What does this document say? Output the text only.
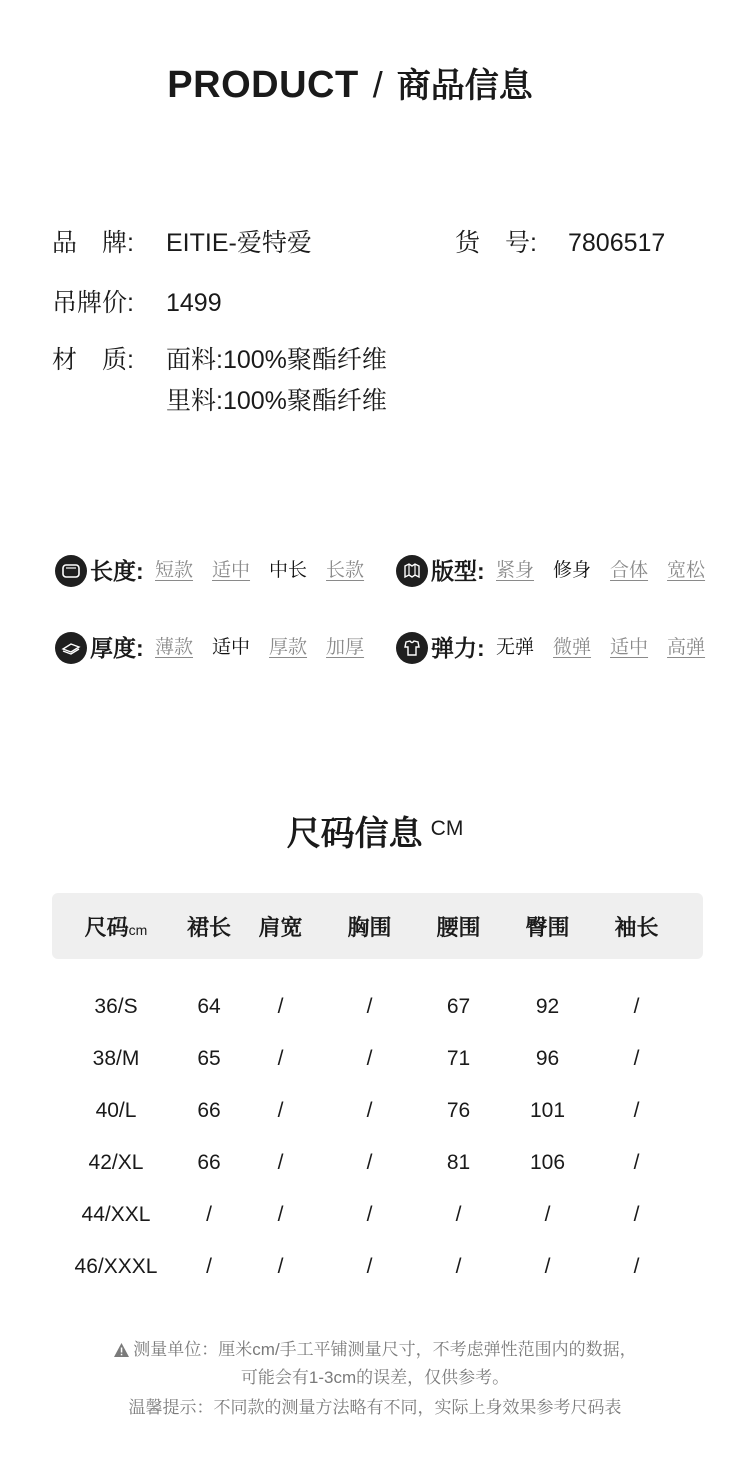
PRODUCT / 商品信息
品　牌:	EITIE-爱特爱	货　号: 7806517
吊牌价:	1499
材　质:	面料:100%聚酯纤维
里料:100%聚酯纤维
长度: 短款 适中 中长 长款	版型: 紧身 修身 合体 宽松
厚度: 薄款 适中 厚款 加厚	弹力: 无弹 微弹 适中 高弹
尺码信息 CM
尺码cm	裙长	肩宽	胸围	腰围	臀围	袖长
36/S	64	/	/	67	92	/
38/M	65	/	/	71	96	/
40/L	66	/	/	76	101	/
42/XL	66	/	/	81	106	/
44/XXL	/	/	/	/	/	/
46/XXXL	/	/	/	/	/	/
测量单位：厘米cm/手工平铺测量尺寸，不考虑弹性范围内的数据，
可能会有1-3cm的误差，仅供参考。
温馨提示：不同款的测量方法略有不同，实际上身效果参考尺码表
